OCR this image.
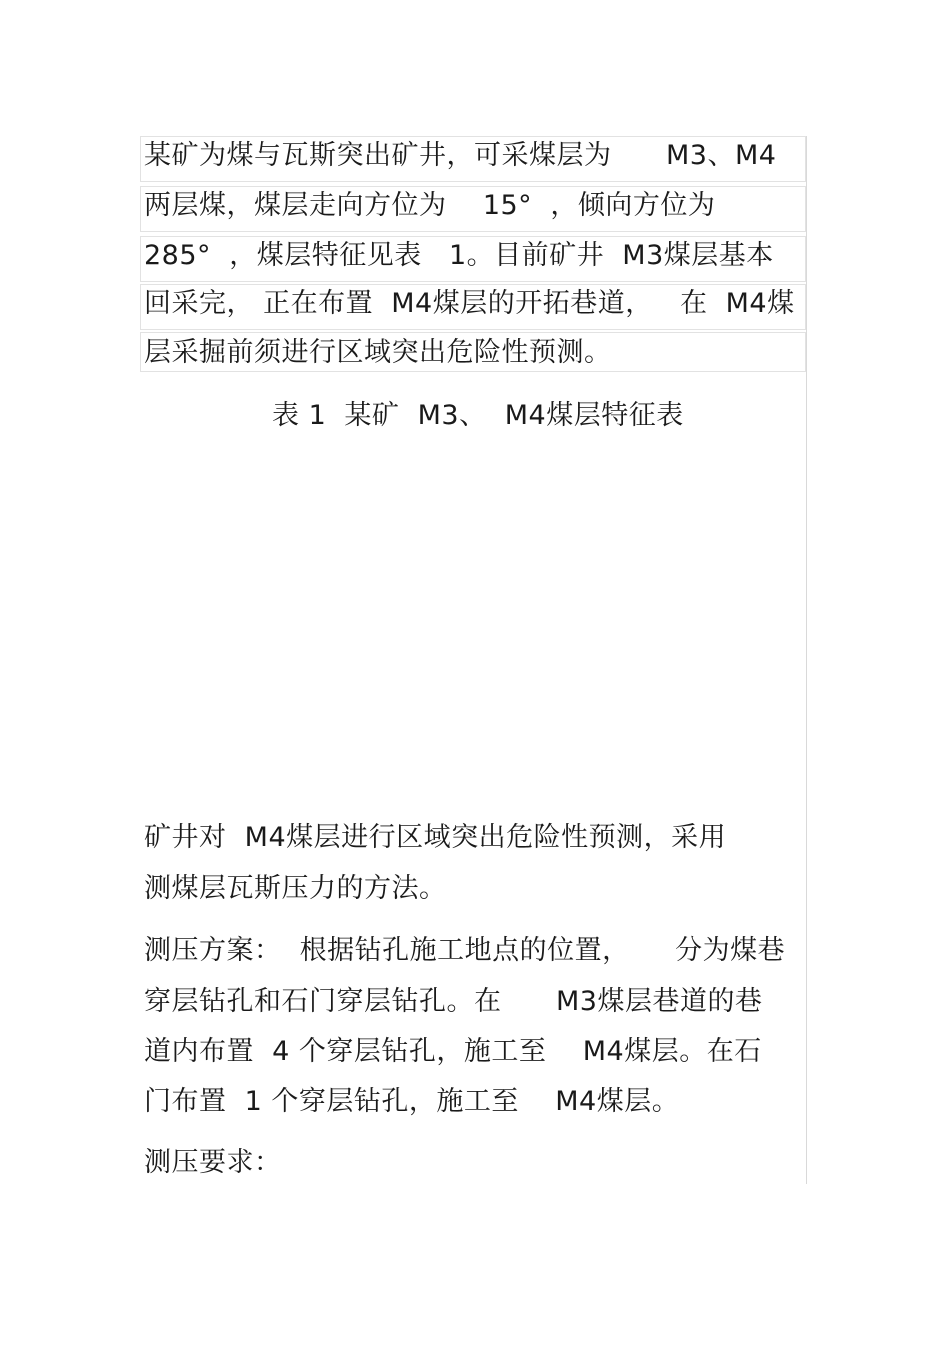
某矿为煤与瓦斯突出矿井，可采煤层为      M3、M4
两层煤，煤层走向方位为    15°  ，倾向方位为
285°  ，煤层特征见表   1。目前矿井  M3煤层基本
回采完， 正在布置  M4煤层的开拓巷道，   在  M4煤
层采掘前须进行区域突出危险性预测。
表 1  某矿  M3、  M4煤层特征表
矿井对  M4煤层进行区域突出危险性预测，采用
测煤层瓦斯压力的方法。
测压方案：  根据钻孔施工地点的位置，     分为煤巷
穿层钻孔和石门穿层钻孔。在      M3煤层巷道的巷
道内布置  4 个穿层钻孔，施工至    M4煤层。在石
门布置  1 个穿层钻孔，施工至    M4煤层。
测压要求：
